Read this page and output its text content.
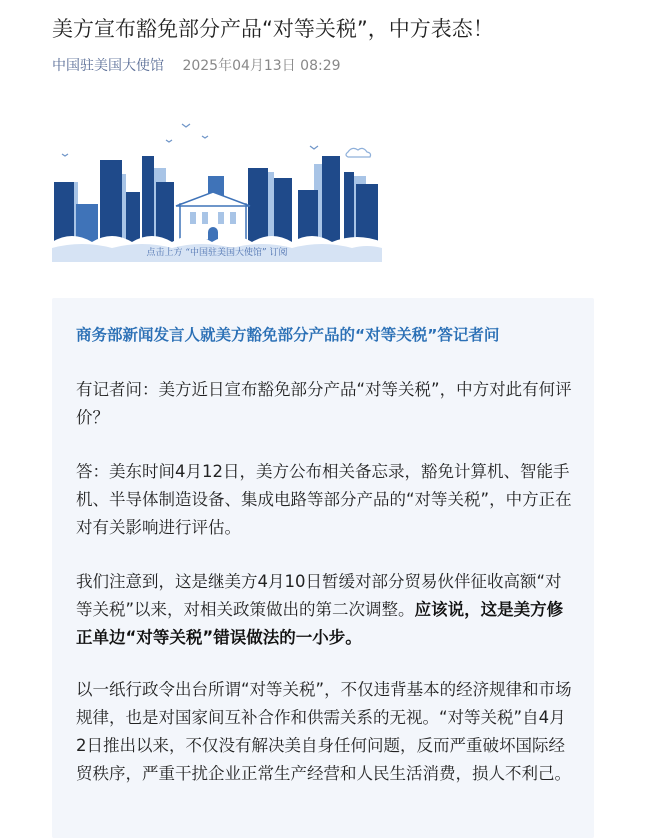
美方宣布豁免部分产品“对等关税”，中方表态！
中国驻美国大使馆 2025年04月13日 08:29
点击上方 “中国驻美国大使馆” 订阅
商务部新闻发言人就美方豁免部分产品的“对等关税”答记者问
有记者问：美方近日宣布豁免部分产品“对等关税”，中方对此有何评价？
答：美东时间4月12日，美方公布相关备忘录，豁免计算机、智能手机、半导体制造设备、集成电路等部分产品的“对等关税”，中方正在对有关影响进行评估。
我们注意到，这是继美方4月10日暂缓对部分贸易伙伴征收高额“对等关税”以来，对相关政策做出的第二次调整。应该说，这是美方修正单边“对等关税”错误做法的一小步。
以一纸行政令出台所谓“对等关税”，不仅违背基本的经济规律和市场规律，也是对国家间互补合作和供需关系的无视。“对等关税”自4月2日推出以来，不仅没有解决美自身任何问题，反而严重破坏国际经贸秩序，严重干扰企业正常生产经营和人民生活消费，损人不利己。
